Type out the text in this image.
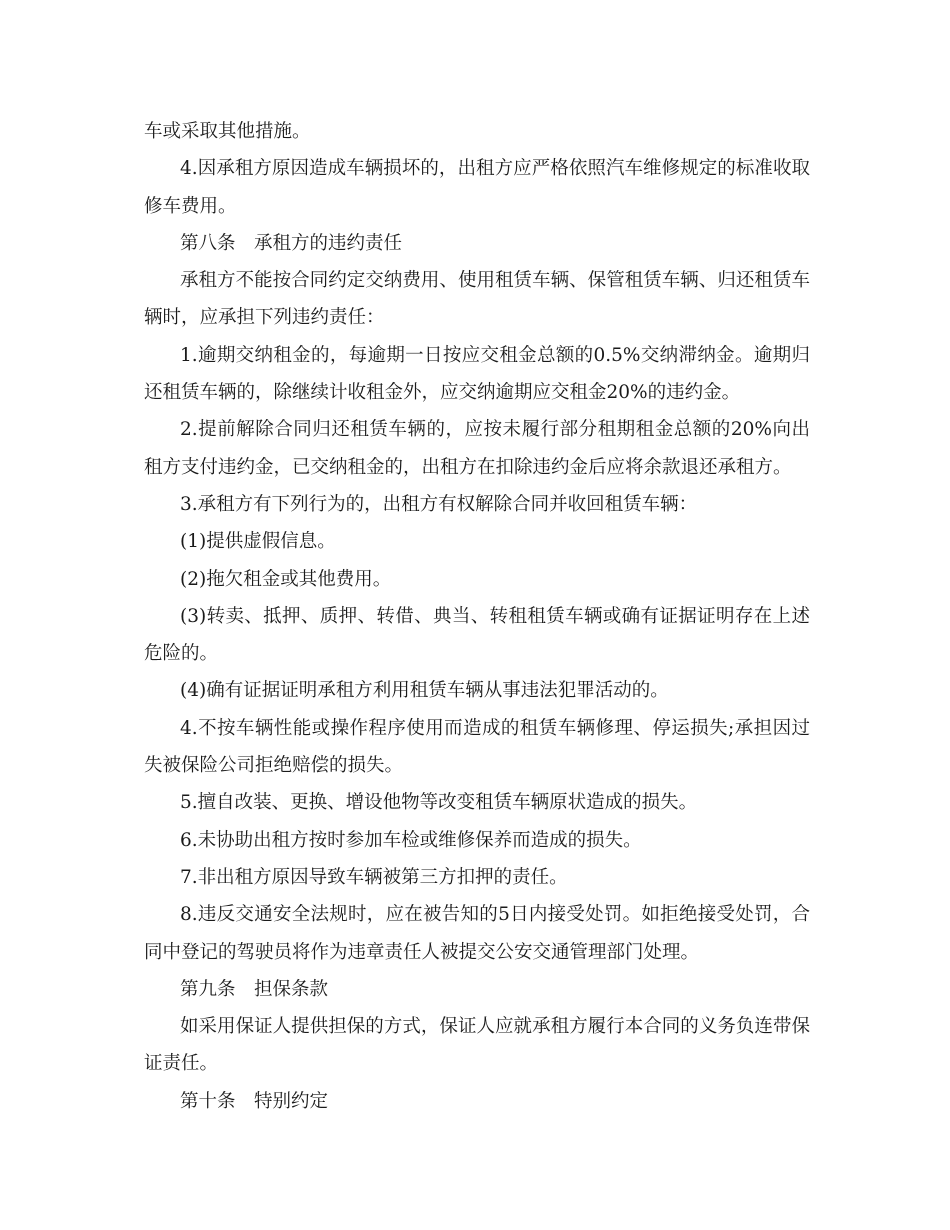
车或采取其他措施。

4.因承租方原因造成车辆损坏的，出租方应严格依照汽车维修规定的标准收取修车费用。

第八条　承租方的违约责任

承租方不能按合同约定交纳费用、使用租赁车辆、保管租赁车辆、归还租赁车辆时，应承担下列违约责任：

1.逾期交纳租金的，每逾期一日按应交租金总额的0.5%交纳滞纳金。逾期归还租赁车辆的，除继续计收租金外，应交纳逾期应交租金20%的违约金。

2.提前解除合同归还租赁车辆的，应按未履行部分租期租金总额的20%向出租方支付违约金，已交纳租金的，出租方在扣除违约金后应将余款退还承租方。

3.承租方有下列行为的，出租方有权解除合同并收回租赁车辆：

(1)提供虚假信息。

(2)拖欠租金或其他费用。

(3)转卖、抵押、质押、转借、典当、转租租赁车辆或确有证据证明存在上述危险的。

(4)确有证据证明承租方利用租赁车辆从事违法犯罪活动的。

4.不按车辆性能或操作程序使用而造成的租赁车辆修理、停运损失;承担因过失被保险公司拒绝赔偿的损失。

5.擅自改装、更换、增设他物等改变租赁车辆原状造成的损失。

6.未协助出租方按时参加车检或维修保养而造成的损失。

7.非出租方原因导致车辆被第三方扣押的责任。

8.违反交通安全法规时，应在被告知的5日内接受处罚。如拒绝接受处罚，合同中登记的驾驶员将作为违章责任人被提交公安交通管理部门处理。

第九条　担保条款

如采用保证人提供担保的方式，保证人应就承租方履行本合同的义务负连带保证责任。

第十条　特别约定
